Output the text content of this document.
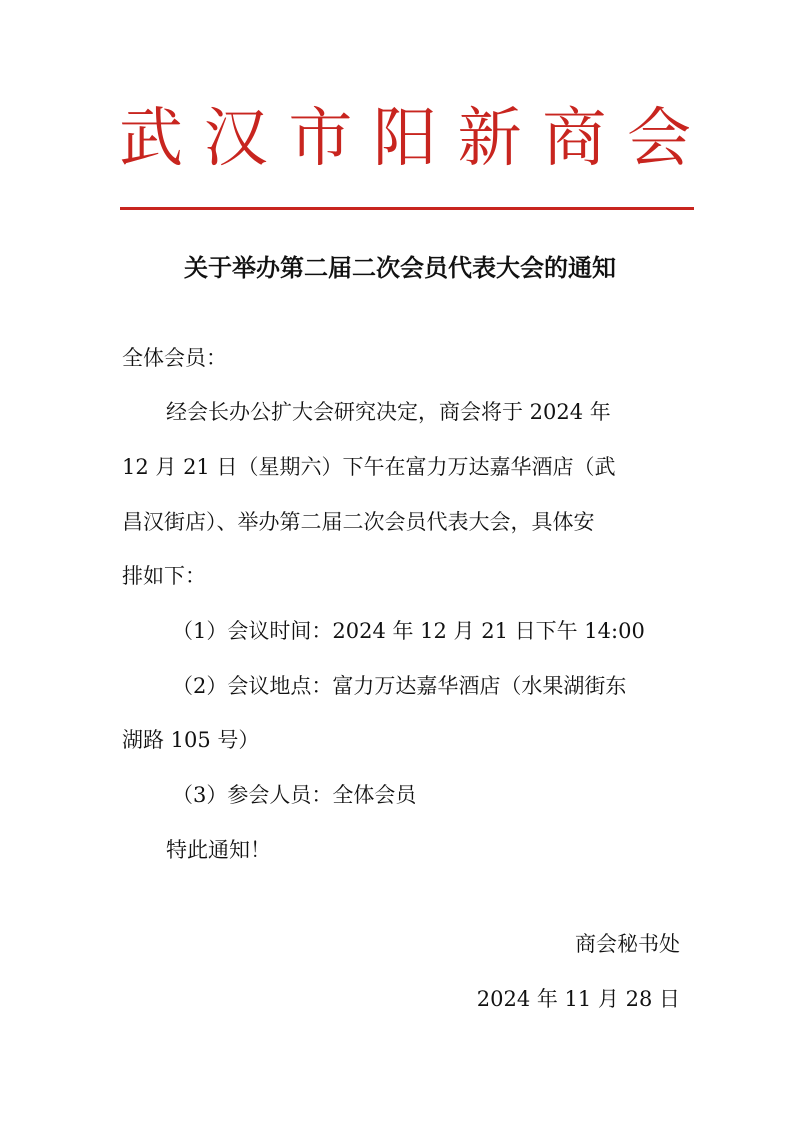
武 汉 市 阳 新 商 会
关于举办第二届二次会员代表大会的通知
全体会员：
经会长办公扩大会研究决定，商会将于 2024 年
12 月 21 日（星期六）下午在富力万达嘉华酒店（武
昌汉街店）、举办第二届二次会员代表大会，具体安
排如下：
（1）会议时间：2024 年 12 月 21 日下午 14:00
（2）会议地点：富力万达嘉华酒店（水果湖街东
湖路 105 号）
（3）参会人员：全体会员
特此通知！
商会秘书处
2024 年 11 月 28 日
